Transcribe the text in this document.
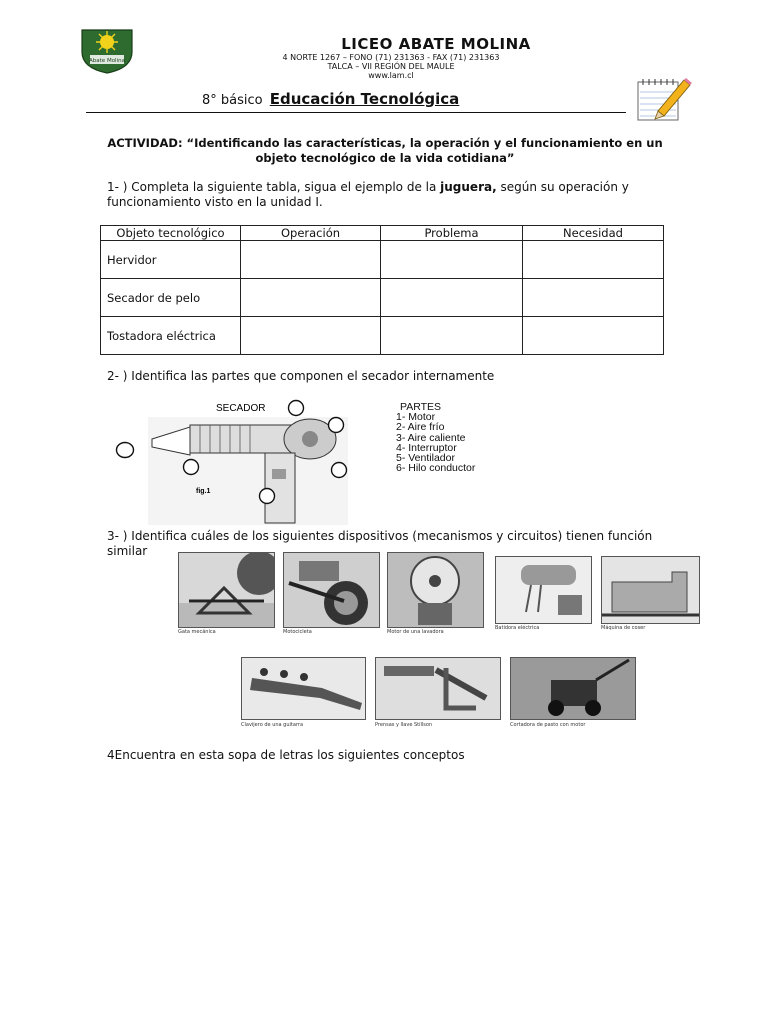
Abate Molina
LICEO ABATE MOLINA
4 NORTE 1267 – FONO (71) 231363 - FAX (71) 231363
TALCA – VII REGIÓN DEL MAULE
www.lam.cl
8° básico Educación Tecnológica
ACTIVIDAD: “Identificando las características, la operación y el funcionamiento en un objeto tecnológico de la vida cotidiana”
1- ) Completa la siguiente tabla, sigua el ejemplo de la juguera, según su operación y funcionamiento visto en la unidad I.
Objeto tecnológico	Operación	Problema	Necesidad
Hervidor			
Secador de pelo			
Tostadora eléctrica			
2- ) Identifica las partes que componen el secador internamente
SECADOR
fig.1
PARTES
1- Motor
2- Aire frío
3- Aire caliente
4- Interruptor
5- Ventilador
6- Hilo conductor
3- ) Identifica cuáles de los siguientes dispositivos (mecanismos y circuitos) tienen función similar
Gata mecánica	Motocicleta	Motor de una lavadora
Batidora eléctrica	Máquina de coser
Clavijero de una guitarra	Prensas y llave Stillson	Cortadora de pasto con motor
4Encuentra en esta sopa de letras los siguientes conceptos
